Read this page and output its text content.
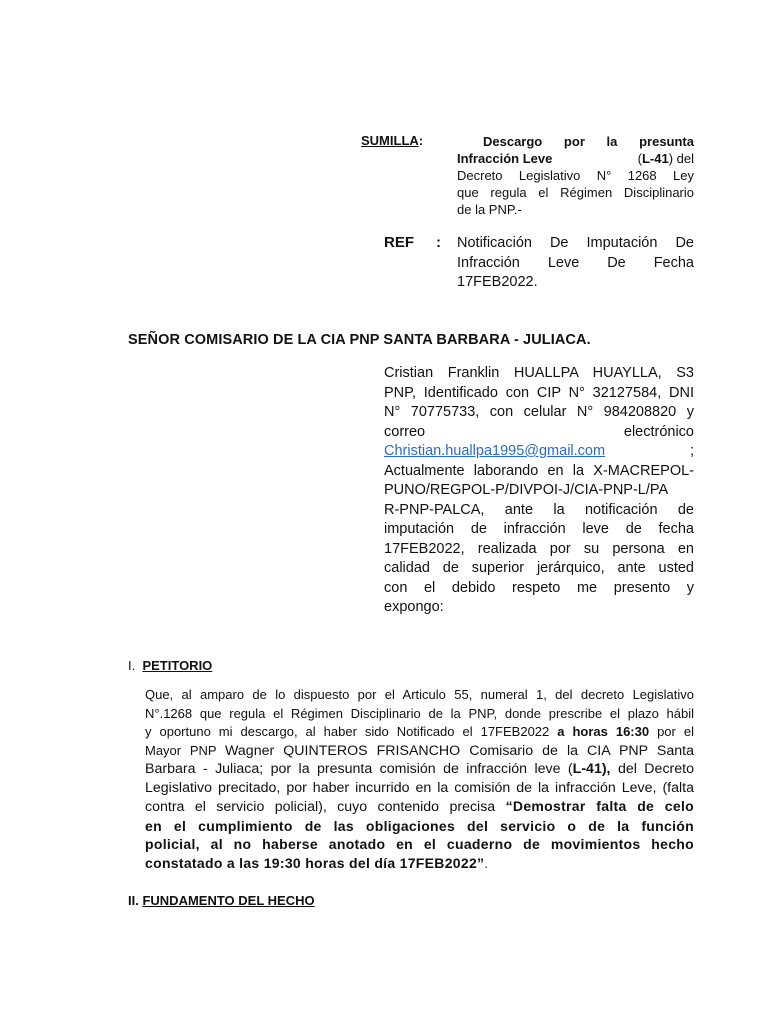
SUMILLA:	Descargo por la presunta
Infracción Leve	(L-41) del
Decreto Legislativo N° 1268 Ley
que regula el Régimen Disciplinario
de la PNP.-
REF : Notificación De Imputación De
Infracción Leve De Fecha
17FEB2022.
SEÑOR COMISARIO DE LA CIA PNP SANTA BARBARA - JULIACA.
Cristian Franklin HUALLPA HUAYLLA, S3
PNP, Identificado con CIP N° 32127584, DNI
N° 70775733, con celular N° 984208820 y
correo electrónico
Christian.huallpa1995@gmail.com	;
Actualmente laborando en la X-MACREPOL-
PUNO/REGPOL-P/DIVPOI-J/CIA-PNP-L/PA
R-PNP-PALCA, ante la notificación de
imputación de infracción leve de fecha
17FEB2022, realizada por su persona en
calidad de superior jerárquico, ante usted
con el debido respeto me presento y
expongo:
I. PETITORIO
Que, al amparo de lo dispuesto por el Articulo 55, numeral 1, del decreto Legislativo
N°.1268 que regula el Régimen Disciplinario de la PNP, donde prescribe el plazo hábil
y oportuno mi descargo, al haber sido Notificado el 17FEB2022 a horas 16:30 por el
Mayor PNP Wagner QUINTEROS FRISANCHO Comisario de la CIA PNP Santa
Barbara - Juliaca; por la presunta comisión de infracción leve (L-41), del Decreto
Legislativo precitado, por haber incurrido en la comisión de la infracción Leve, (falta
contra el servicio policial), cuyo contenido precisa “Demostrar falta de celo
en el cumplimiento de las obligaciones del servicio o de la función
policial, al no haberse anotado en el cuaderno de movimientos hecho
constatado a las 19:30 horas del día 17FEB2022”.
II. FUNDAMENTO DEL HECHO
